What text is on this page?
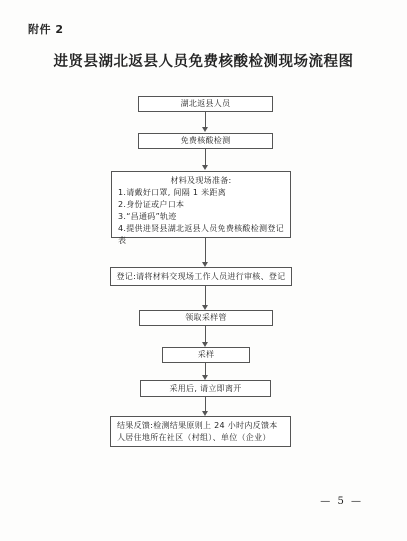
附件 2
进贤县湖北返县人员免费核酸检测现场流程图
湖北返县人员
免费核酸检测
材料及现场准备:
1.请戴好口罩, 间隔 1 米距离
2.身份证或户口本
3.“昌通码”轨迹
4.提供进贤县湖北返县人员免费核酸检测登记表
登记:请将材料交现场工作人员进行审核、登记
领取采样管
采样
采用后, 请立即离开
结果反馈:检测结果原则上 24 小时内反馈本人居住地所在社区（村组）、单位（企业）
— 5 —
